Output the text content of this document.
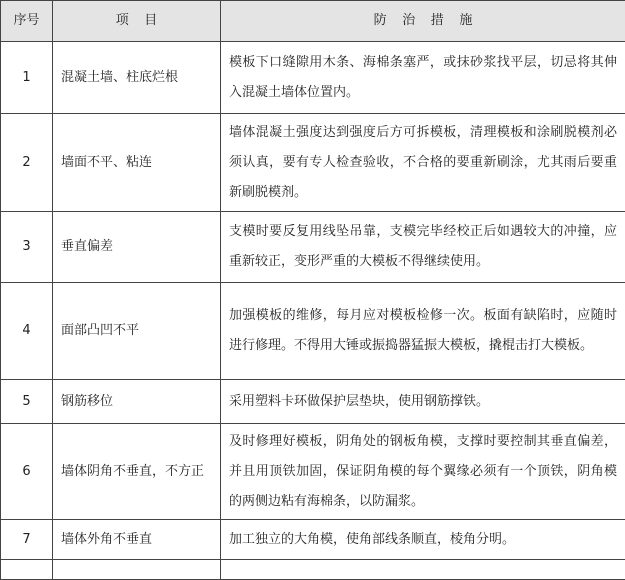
序号	项目	防治措施
1	混凝土墙、柱底烂根	模板下口缝隙用木条、海棉条塞严，或抹砂浆找平层，切忌将其伸入混凝土墙体位置内。
2	墙面不平、粘连	墙体混凝土强度达到强度后方可拆模板，清理模板和涂刷脱模剂必须认真，要有专人检查验收，不合格的要重新刷涂，尤其雨后要重新刷脱模剂。
3	垂直偏差	支模时要反复用线坠吊靠，支模完毕经校正后如遇较大的冲撞，应重新较正，变形严重的大模板不得继续使用。
4	面部凸凹不平	加强模板的维修，每月应对模板检修一次。板面有缺陷时，应随时进行修理。不得用大锤或振捣器猛振大模板，撬棍击打大模板。
5	钢筋移位	采用塑料卡环做保护层垫块，使用钢筋撑铁。
6	墙体阴角不垂直，不方正	及时修理好模板，阴角处的钢板角模，支撑时要控制其垂直偏差，并且用顶铁加固，保证阴角模的每个翼缘必须有一个顶铁，阴角模的两侧边粘有海棉条，以防漏浆。
7	墙体外角不垂直	加工独立的大角模，使角部线条顺直，棱角分明。
